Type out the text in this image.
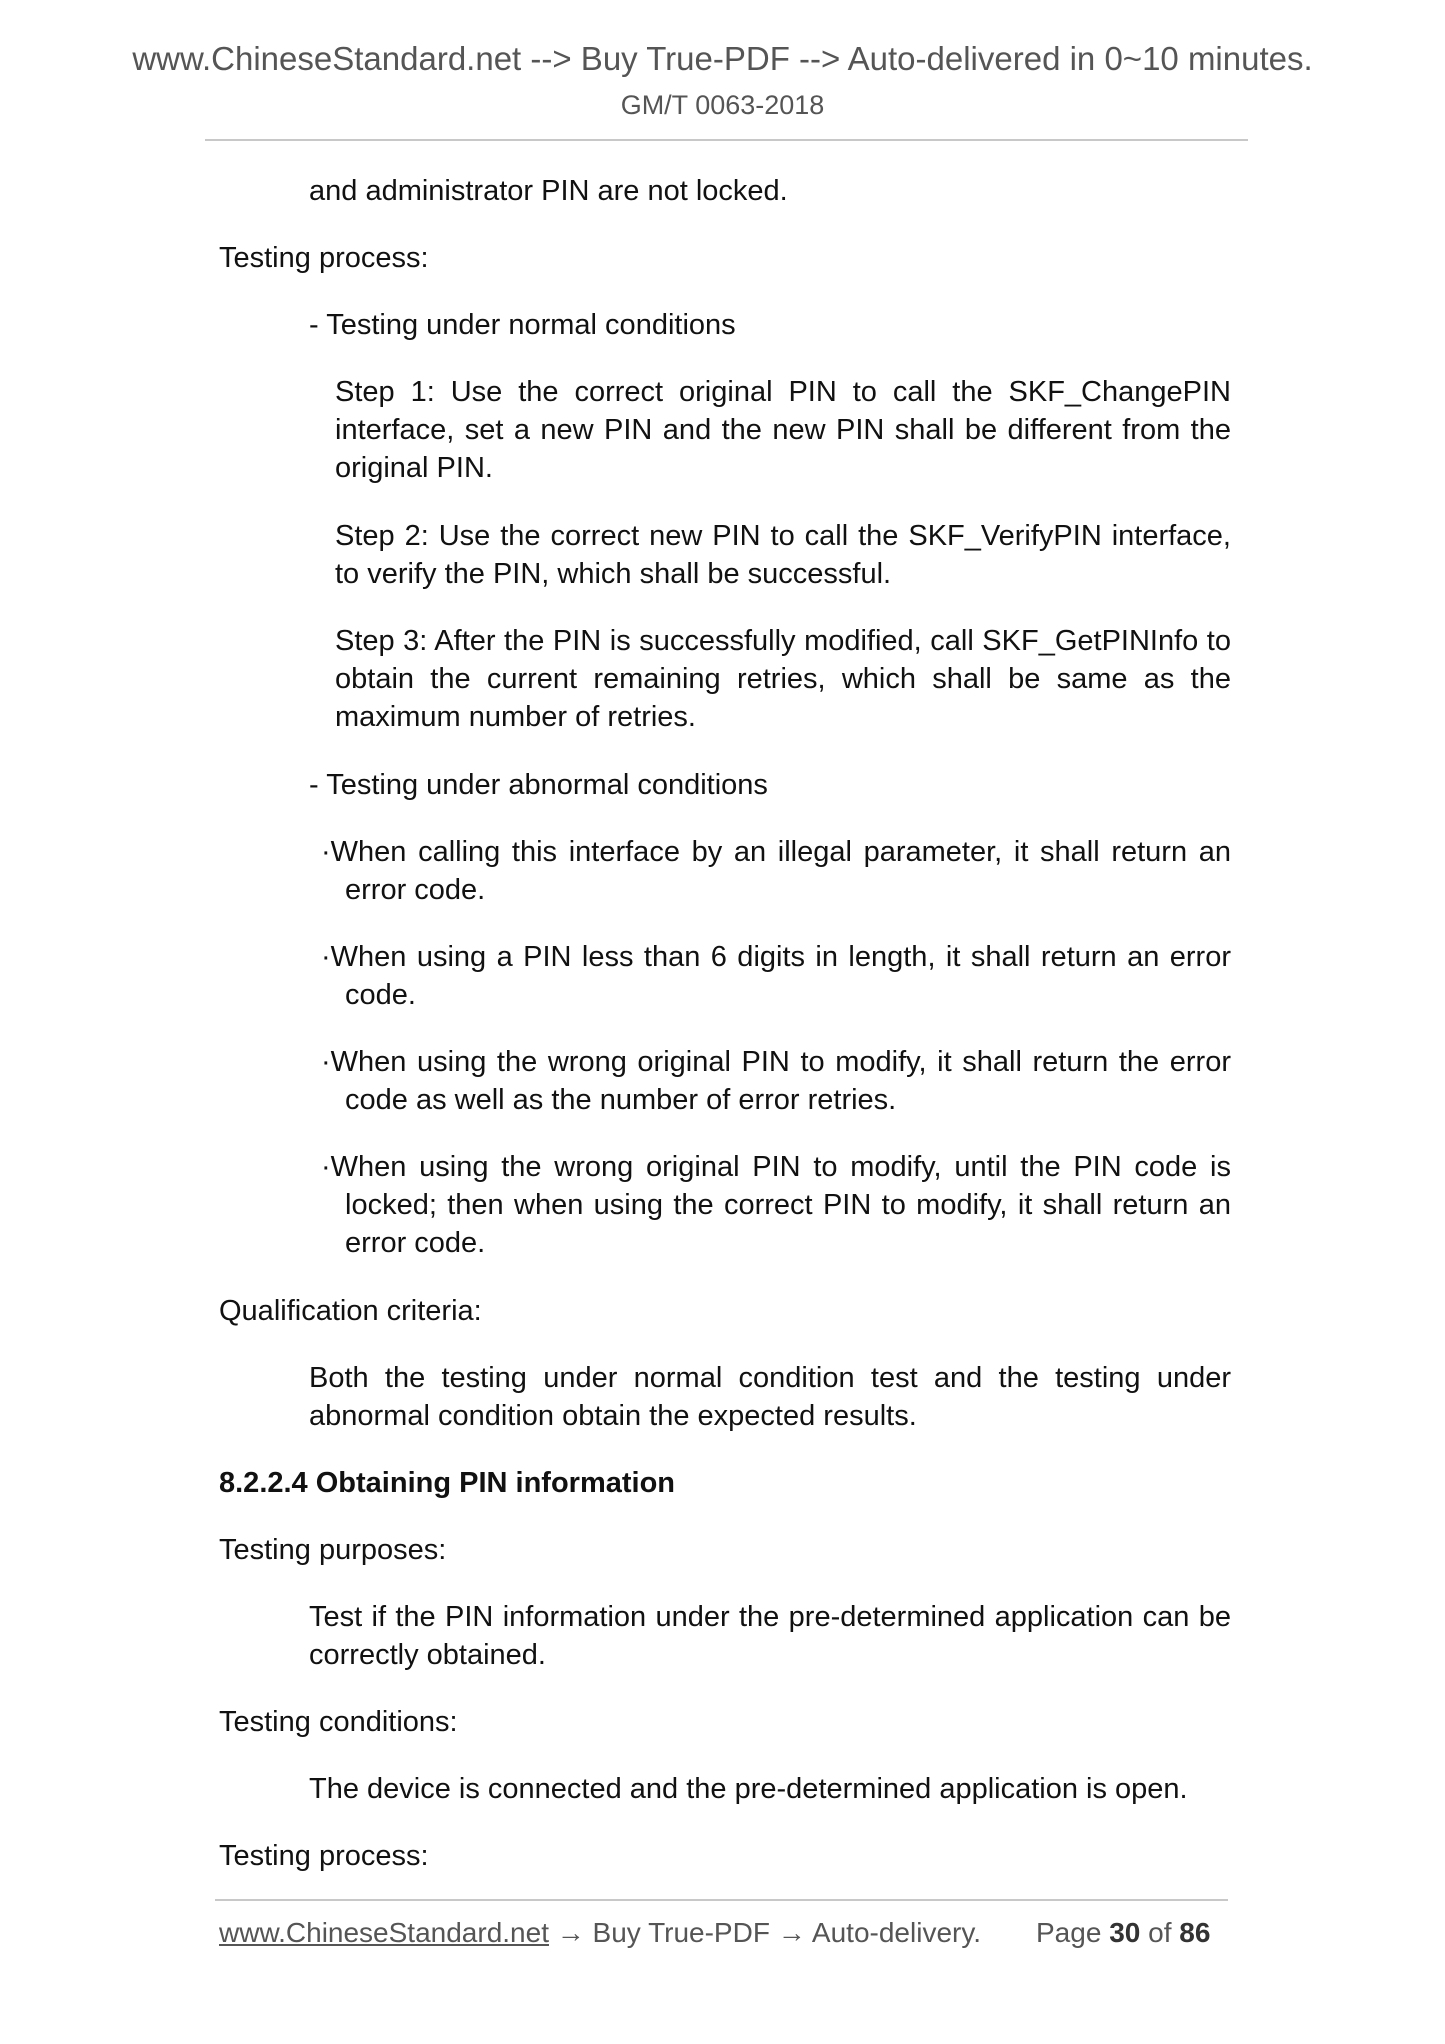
www.ChineseStandard.net --> Buy True-PDF --> Auto-delivered in 0~10 minutes.
GM/T 0063-2018
and administrator PIN are not locked.
Testing process:
- Testing under normal conditions
Step 1: Use the correct original PIN to call the SKF_ChangePIN interface, set a new PIN and the new PIN shall be different from the original PIN.
Step 2: Use the correct new PIN to call the SKF_VerifyPIN interface, to verify the PIN, which shall be successful.
Step 3: After the PIN is successfully modified, call SKF_GetPINInfo to obtain the current remaining retries, which shall be same as the maximum number of retries.
- Testing under abnormal conditions
·When calling this interface by an illegal parameter, it shall return an error code.
·When using a PIN less than 6 digits in length, it shall return an error code.
·When using the wrong original PIN to modify, it shall return the error code as well as the number of error retries.
·When using the wrong original PIN to modify, until the PIN code is locked; then when using the correct PIN to modify, it shall return an error code.
Qualification criteria:
Both the testing under normal condition test and the testing under abnormal condition obtain the expected results.
8.2.2.4 Obtaining PIN information
Testing purposes:
Test if the PIN information under the pre-determined application can be correctly obtained.
Testing conditions:
The device is connected and the pre-determined application is open.
Testing process:
www.ChineseStandard.net → Buy True-PDF → Auto-delivery. Page 30 of 86
